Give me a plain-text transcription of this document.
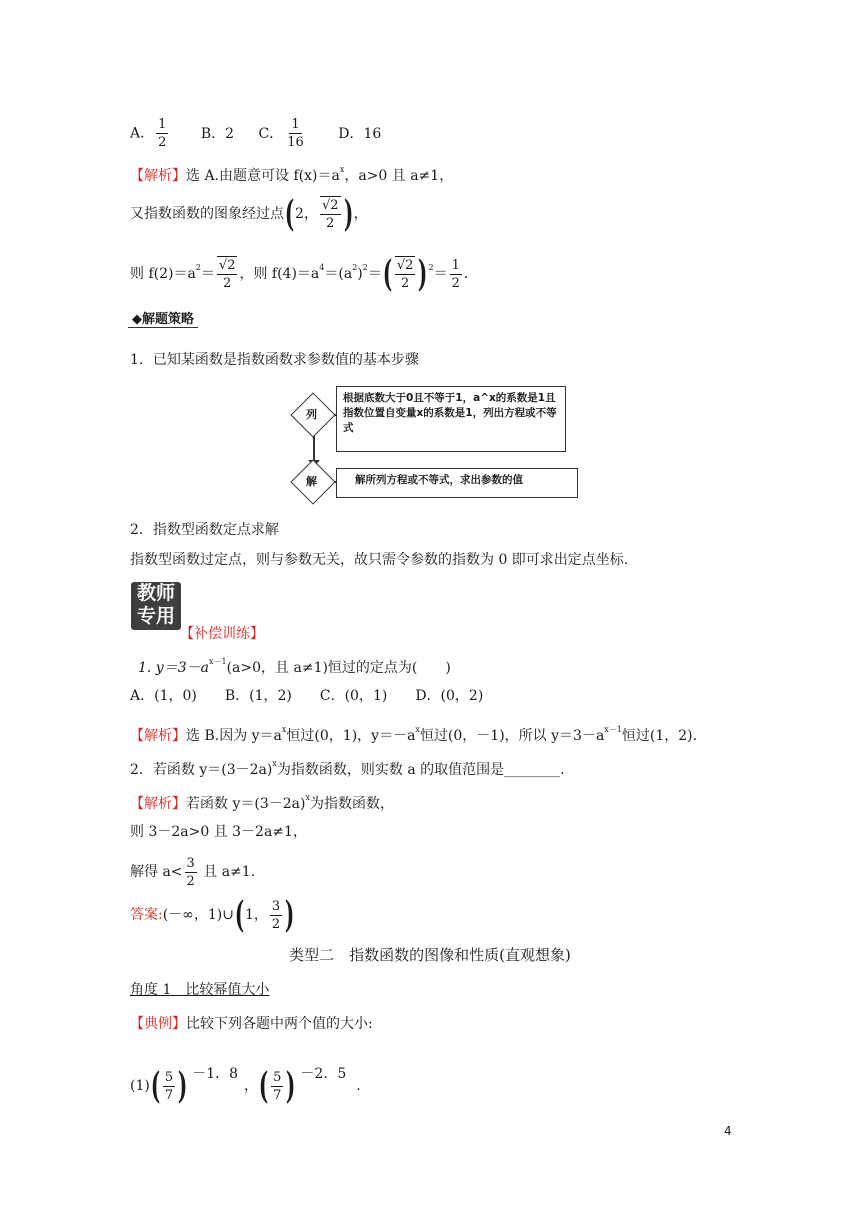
A． $\frac{1}{2}$ B．2 C． $\frac{1}{16}$ D．16
【解析】选 A.由题意可设 $f(x)=a^x$，a>0 且 a≠1，
又指数函数的图象经过点(2， $\frac{√2}{2}$ )，
则 $f(2)=a^2= \frac{√2}{2}$ ，则 $f(4)=a^4=(a^2)^2=( \frac{√2}{2} )^2= \frac{1}{2}$ ．
◆解题策略
1．已知某函数是指数函数求参数值的基本步骤
列
根据底数大于0且不等于1，a^x的系数是1且指数位置自变量x的系数是1，列出方程或不等式
解	解所列方程或不等式，求出参数的值
2．指数型函数定点求解
指数型函数过定点，则与参数无关，故只需令参数的指数为 0 即可求出定点坐标.
教师
专用
【补偿训练】
1. $y=3-a^{x-1}(a>0$，且 a≠1)恒过的定点为(　　)
A．(1，0)　　B．(1，2)　　C．(0，1)　　D．(0，2)
【解析】选 B.因为 $y=a^x$恒过(0，1)，$y=-a^x$恒过(0，－1)，所以 $y=3-a^{x-1}$恒过(1，2).
2．若函数 $y=(3-2a)^x$为指数函数，则实数 a 的取值范围是________.
【解析】若函数 $y=(3-2a)^x$为指数函数，
则 3－2a>0 且 3－2a≠1，
解得 $a< \frac{3}{2}$ 且 a≠1.
答案:(－∞，1)∪(1， $\frac{3}{2}$ )
类型二　指数函数的图像和性质(直观想象)
角度 1　比较幂值大小
【典例】比较下列各题中两个值的大小:
$(1)( \frac{5}{7}$ ) －1．8，( $\frac{5}{7}$ ) －2．5.
4
